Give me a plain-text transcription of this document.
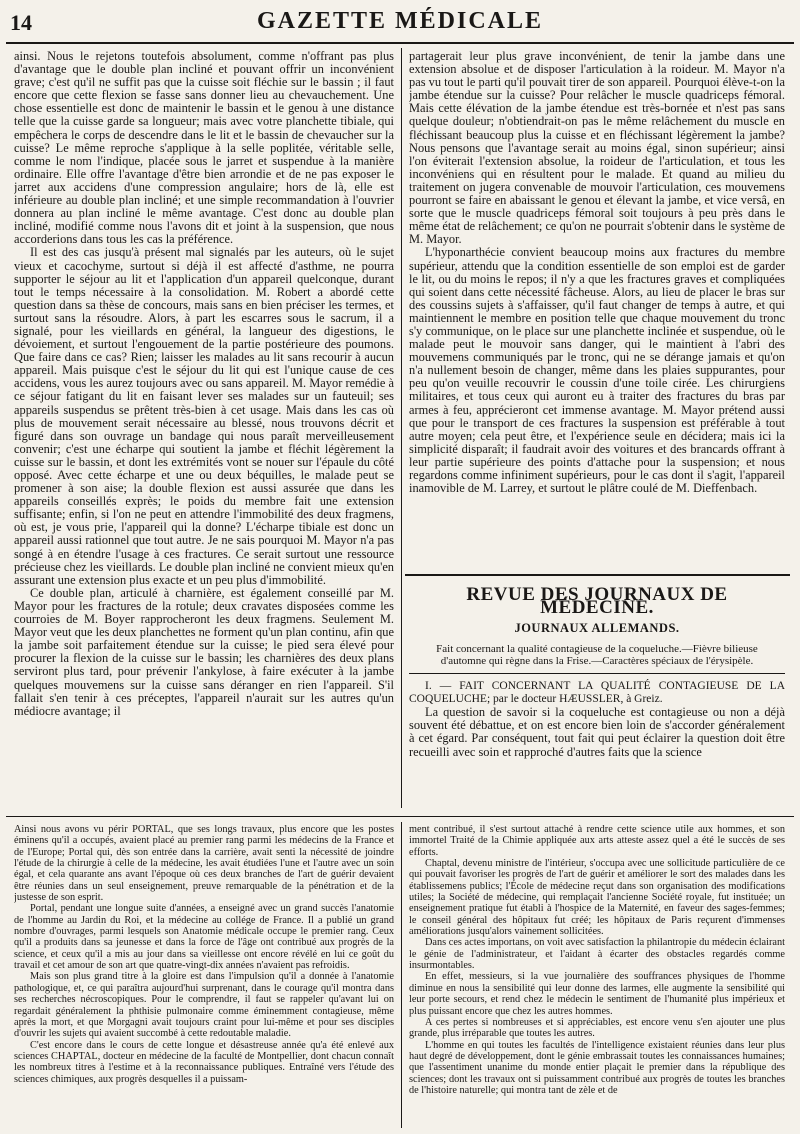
14	GAZETTE MÉDICALE

ainsi. Nous le rejetons toutefois absolument, comme n'offrant pas plus d'avantage que le double plan incliné et pouvant offrir un inconvénient grave; c'est qu'il ne suffit pas que la cuisse soit fléchie sur le bassin ; il faut encore que cette flexion se fasse sans donner lieu au chevauchement. Une chose essentielle est donc de maintenir le bassin et le genou à une distance telle que la cuisse garde sa longueur; mais avec votre planchette tibiale, qui empêchera le corps de descendre dans le lit et le bassin de chevaucher sur la cuisse? Le même reproche s'applique à la selle poplitée, véritable selle, comme le nom l'indique, placée sous le jarret et suspendue à la manière ordinaire. Elle offre l'avantage d'être bien arrondie et de ne pas exposer le jarret aux accidens d'une compression angulaire; hors de là, elle est inférieure au double plan incliné; et une simple recommandation à l'ouvrier donnera au plan incliné le même avantage. C'est donc au double plan incliné, modifié comme nous l'avons dit et joint à la suspension, que nous accorderions dans tous les cas la préférence.

Il est des cas jusqu'à présent mal signalés par les auteurs, où le sujet vieux et cacochyme, surtout si déjà il est affecté d'asthme, ne pourra supporter le séjour au lit et l'application d'un appareil quelconque, durant tout le temps nécessaire à la consolidation. M. Robert a abordé cette question dans sa thèse de concours, mais sans en bien préciser les termes, et surtout sans la résoudre. Alors, à part les escarres sous le sacrum, il a signalé, pour les vieillards en général, la langueur des digestions, le dévoiement, et surtout l'engouement de la partie postérieure des poumons. Que faire dans ce cas? Rien; laisser les malades au lit sans recourir à aucun appareil. Mais puisque c'est le séjour du lit qui est l'unique cause de ces accidens, vous les aurez toujours avec ou sans appareil. M. Mayor remédie à ce séjour fatigant du lit en faisant lever ses malades sur un fauteuil; ses appareils suspendus se prêtent très-bien à cet usage. Mais dans les cas où plus de mouvement serait nécessaire au blessé, nous trouvons décrit et figuré dans son ouvrage un bandage qui nous paraît merveilleusement convenir; c'est une écharpe qui soutient la jambe et fléchit légèrement la cuisse sur le bassin, et dont les extrémités vont se nouer sur l'épaule du côté opposé. Avec cette écharpe et une ou deux béquilles, le malade peut se promener à son aise; la double flexion est aussi assurée que dans les appareils conseillés exprès; le poids du membre fait une extension suffisante; enfin, si l'on ne peut en attendre l'immobilité des deux fragmens, où est, je vous prie, l'appareil qui la donne? L'écharpe tibiale est donc un appareil aussi rationnel que tout autre. Je ne sais pourquoi M. Mayor n'a pas songé à en étendre l'usage à ces fractures. Ce serait surtout une ressource précieuse chez les vieillards. Le double plan incliné ne convient mieux qu'en assurant une extension plus exacte et un peu plus d'immobilité.

Ce double plan, articulé à charnière, est également conseillé par M. Mayor pour les fractures de la rotule; deux cravates disposées comme les courroies de M. Boyer rapprocheront les deux fragmens. Seulement M. Mayor veut que les deux planchettes ne forment qu'un plan continu, afin que la jambe soit parfaitement étendue sur la cuisse; le pied sera élevé pour procurer la flexion de la cuisse sur le bassin; les charnières des deux plans serviront plus tard, pour prévenir l'ankylose, à faire exécuter à la jambe quelques mouvemens sur la cuisse sans déranger en rien l'appareil. S'il fallait s'en tenir à ces préceptes, l'appareil n'aurait sur les autres qu'un médiocre avantage; il

partagerait leur plus grave inconvénient, de tenir la jambe dans une extension absolue et de disposer l'articulation à la roideur. M. Mayor n'a pas vu tout le parti qu'il pouvait tirer de son appareil. Pourquoi élève-t-on la jambe étendue sur la cuisse? Pour relâcher le muscle quadriceps fémoral. Mais cette élévation de la jambe étendue est très-bornée et n'est pas sans quelque douleur; n'obtiendrait-on pas le même relâchement du muscle en fléchissant beaucoup plus la cuisse et en fléchissant légèrement la jambe? Nous pensons que l'avantage serait au moins égal, sinon supérieur; ainsi l'on éviterait l'extension absolue, la roideur de l'articulation, et tous les inconvéniens qui en résultent pour le malade. Et quand au milieu du traitement on jugera convenable de mouvoir l'articulation, ces mouvemens pourront se faire en abaissant le genou et élevant la jambe, et vice versâ, en sorte que le muscle quadriceps fémoral soit toujours à peu près dans le même état de relâchement; ce qu'on ne pourrait s'obtenir dans le système de M. Mayor.

L'hyponarthécie convient beaucoup moins aux fractures du membre supérieur, attendu que la condition essentielle de son emploi est de garder le lit, ou du moins le repos; il n'y a que les fractures graves et compliquées qui soient dans cette nécessité fâcheuse. Alors, au lieu de placer le bras sur des coussins sujets à s'affaisser, qu'il faut changer de temps à autre, et qui maintiennent le membre en position telle que chaque mouvement du tronc s'y communique, on le place sur une planchette inclinée et suspendue, où le malade peut le mouvoir sans danger, qui le maintient à l'abri des mouvemens communiqués par le tronc, qui ne se dérange jamais et qu'on n'a nullement besoin de changer, même dans les plaies suppurantes, pour peu qu'on veuille recouvrir le coussin d'une toile cirée. Les chirurgiens militaires, et tous ceux qui auront eu à traiter des fractures du bras par armes à feu, apprécieront cet immense avantage. M. Mayor prétend aussi que pour le transport de ces fractures la suspension est préférable à tout autre moyen; cela peut être, et l'expérience seule en décidera; mais ici la simplicité disparaît; il faudrait avoir des voitures et des brancards offrant à leur partie supérieure des points d'attache pour la suspension; et nous regardons comme infiniment supérieurs, pour le cas dont il s'agit, l'appareil inamovible de M. Larrey, et surtout le plâtre coulé de M. Dieffenbach.

REVUE DES JOURNAUX DE MÉDECINE.
JOURNAUX ALLEMANDS.
Fait concernant la qualité contagieuse de la coqueluche.—Fièvre bilieuse d'automne qui règne dans la Frise.—Caractères spéciaux de l'érysipèle.

I. — FAIT CONCERNANT LA QUALITÉ CONTAGIEUSE DE LA COQUELUCHE; par le docteur HÆUSSLER, à Greiz.

La question de savoir si la coqueluche est contagieuse ou non a déjà souvent été débattue, et on est encore bien loin de s'accorder généralement à cet égard. Par conséquent, tout fait qui peut éclairer la question doit être recueilli avec soin et rapproché d'autres faits que la science

Ainsi nous avons vu périr PORTAL, que ses longs travaux, plus encore que les postes éminens qu'il a occupés, avaient placé au premier rang parmi les médecins de la France et de l'Europe; Portal qui, dès son entrée dans la carrière, avait senti la nécessité de joindre l'étude de la chirurgie à celle de la médecine, les avait étudiées l'une et l'autre avec un soin égal, et cela quarante ans avant l'époque où ces deux branches de l'art de guérir devaient être réunies dans un seul enseignement, preuve remarquable de la pénétration et de la justesse de son esprit.

Portal, pendant une longue suite d'années, a enseigné avec un grand succès l'anatomie de l'homme au Jardin du Roi, et la médecine au collége de France. Il a publié un grand nombre d'ouvrages, parmi lesquels son Anatomie médicale occupe le premier rang. Ceux qu'il a produits dans sa jeunesse et dans la force de l'âge ont contribué aux progrès de la science, et ceux qu'il a mis au jour dans sa vieillesse ont encore révélé en lui ce goût du travail et cet amour de son art que quatre-vingt-dix années n'avaient pas refroidis.

Mais son plus grand titre à la gloire est dans l'impulsion qu'il a donnée à l'anatomie pathologique, et, ce qui paraîtra aujourd'hui surprenant, dans le courage qu'il montra dans ses recherches nécroscopiques. Pour le comprendre, il faut se rappeler qu'avant lui on regardait généralement la phthisie pulmonaire comme éminemment contagieuse, même après la mort, et que Morgagni avait toujours craint pour lui-même et pour ses disciples d'ouvrir les sujets qui avaient succombé à cette redoutable maladie.

C'est encore dans le cours de cette longue et désastreuse année qu'a été enlevé aux sciences CHAPTAL, docteur en médecine de la faculté de Montpellier, dont chacun connaît les nombreux titres à l'estime et à la reconnaissance publiques. Entraîné vers l'étude des sciences chimiques, aux progrès desquelles il a puissam-

ment contribué, il s'est surtout attaché à rendre cette science utile aux hommes, et son immortel Traité de la Chimie appliquée aux arts atteste assez quel a été le succès de ses efforts.

Chaptal, devenu ministre de l'intérieur, s'occupa avec une sollicitude particulière de ce qui pouvait favoriser les progrès de l'art de guérir et améliorer le sort des malades dans les établissemens publics; l'École de médecine reçut dans son organisation des modifications utiles; la Société de médecine, qui remplaçait l'ancienne Société royale, fut instituée; un enseignement pratique fut établi à l'hospice de la Maternité, en faveur des sages-femmes; le conseil général des hôpitaux fut créé; les hôpitaux de Paris reçurent d'immenses améliorations jusqu'alors vainement sollicitées.

Dans ces actes importans, on voit avec satisfaction la philantropie du médecin éclairant le génie de l'administrateur, et l'aidant à écarter des obstacles regardés comme insurmontables.

En effet, messieurs, si la vue journalière des souffrances physiques de l'homme diminue en nous la sensibilité qui leur donne des larmes, elle augmente la sensibilité qui leur porte secours, et rend chez le médecin le sentiment de l'humanité plus impérieux et plus puissant encore que chez les autres hommes.

A ces pertes si nombreuses et si appréciables, est encore venu s'en ajouter une plus grande, plus irréparable que toutes les autres.

L'homme en qui toutes les facultés de l'intelligence existaient réunies dans leur plus haut degré de développement, dont le génie embrassait toutes les connaissances humaines; que l'assentiment unanime du monde entier plaçait le premier dans la république des sciences; dont les travaux ont si puissamment contribué aux progrès de toutes les branches de l'histoire naturelle; qui montra tant de zèle et de
